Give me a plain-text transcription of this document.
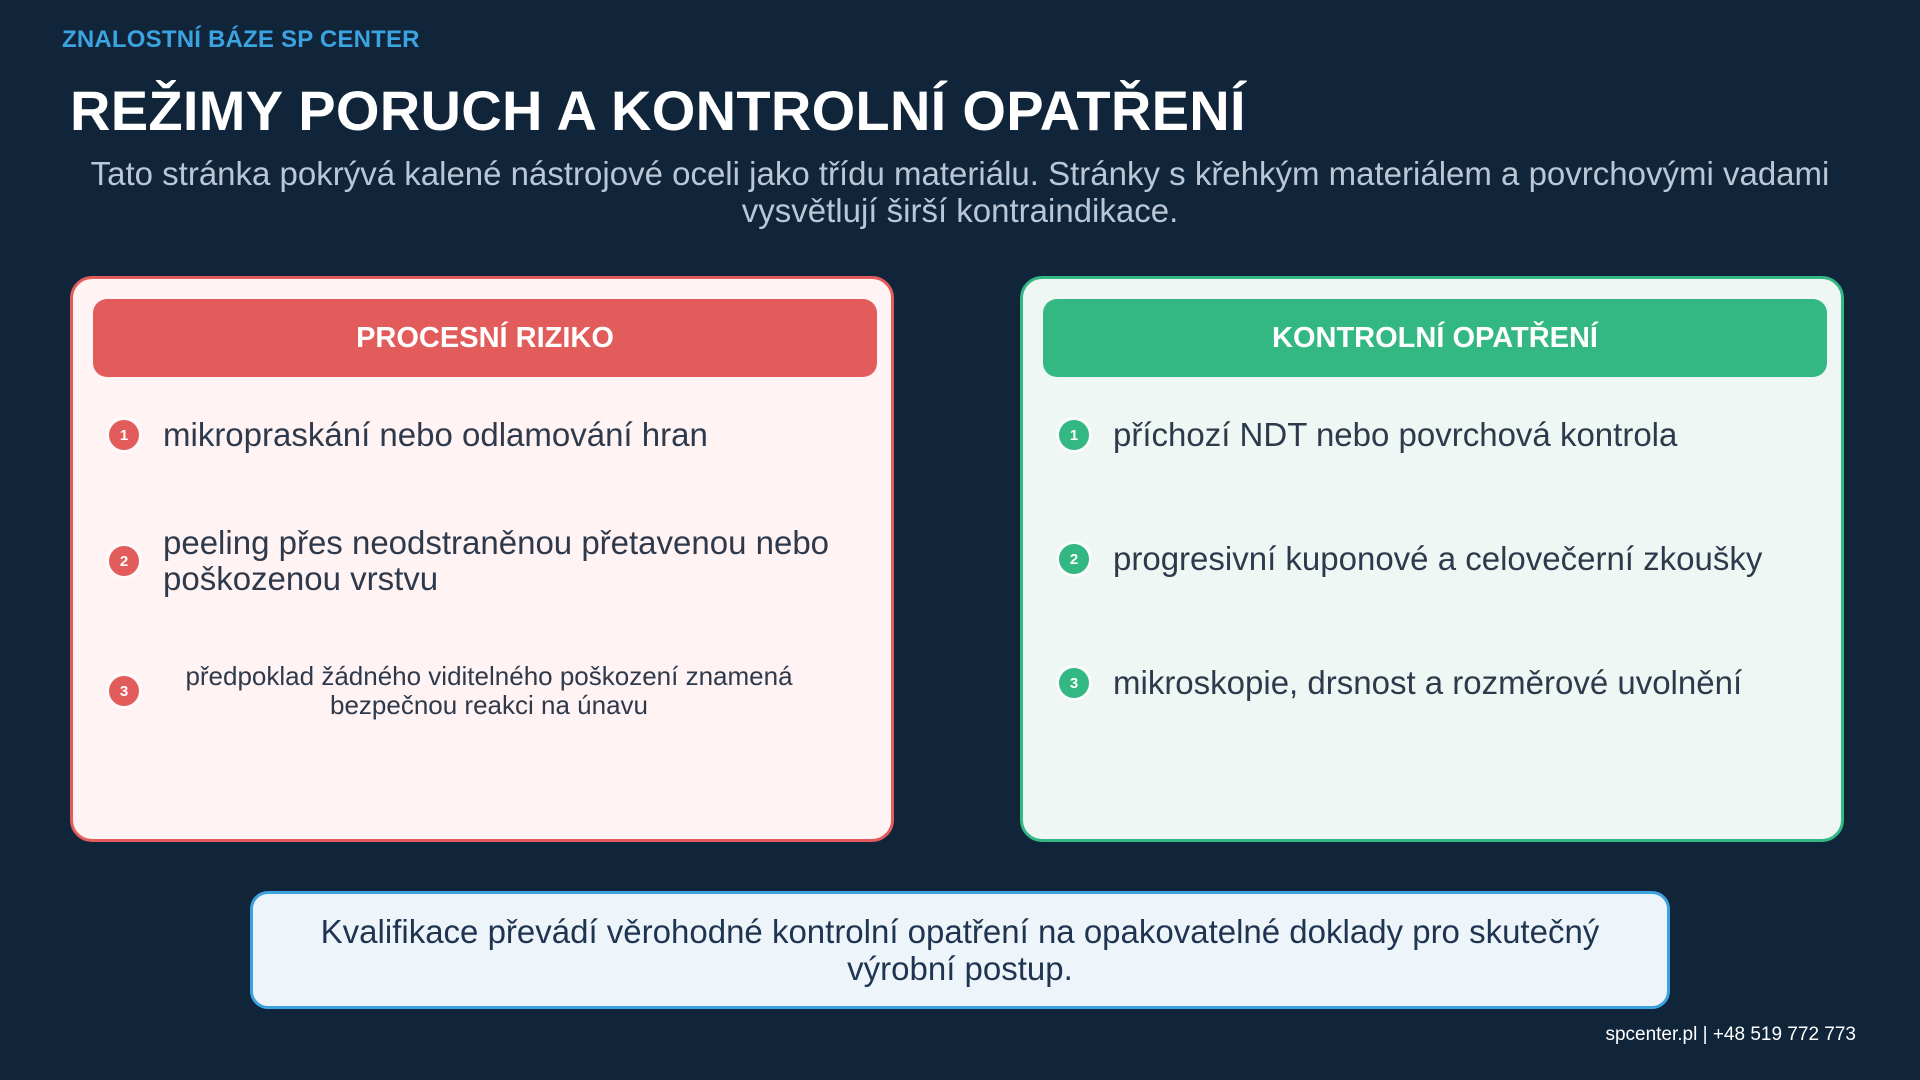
ZNALOSTNÍ BÁZE SP CENTER
REŽIMY PORUCH A KONTROLNÍ OPATŘENÍ
Tato stránka pokrývá kalené nástrojové oceli jako třídu materiálu. Stránky s křehkým materiálem a povrchovými vadami vysvětlují širší kontraindikace.
PROCESNÍ RIZIKO
1	mikropraskání nebo odlamování hran
2	peeling přes neodstraněnou přetavenou nebo poškozenou vrstvu
3	předpoklad žádného viditelného poškození znamená bezpečnou reakci na únavu
KONTROLNÍ OPATŘENÍ
1	příchozí NDT nebo povrchová kontrola
2	progresivní kuponové a celovečerní zkoušky
3	mikroskopie, drsnost a rozměrové uvolnění
Kvalifikace převádí věrohodné kontrolní opatření na opakovatelné doklady pro skutečný výrobní postup.
spcenter.pl | +48 519 772 773
